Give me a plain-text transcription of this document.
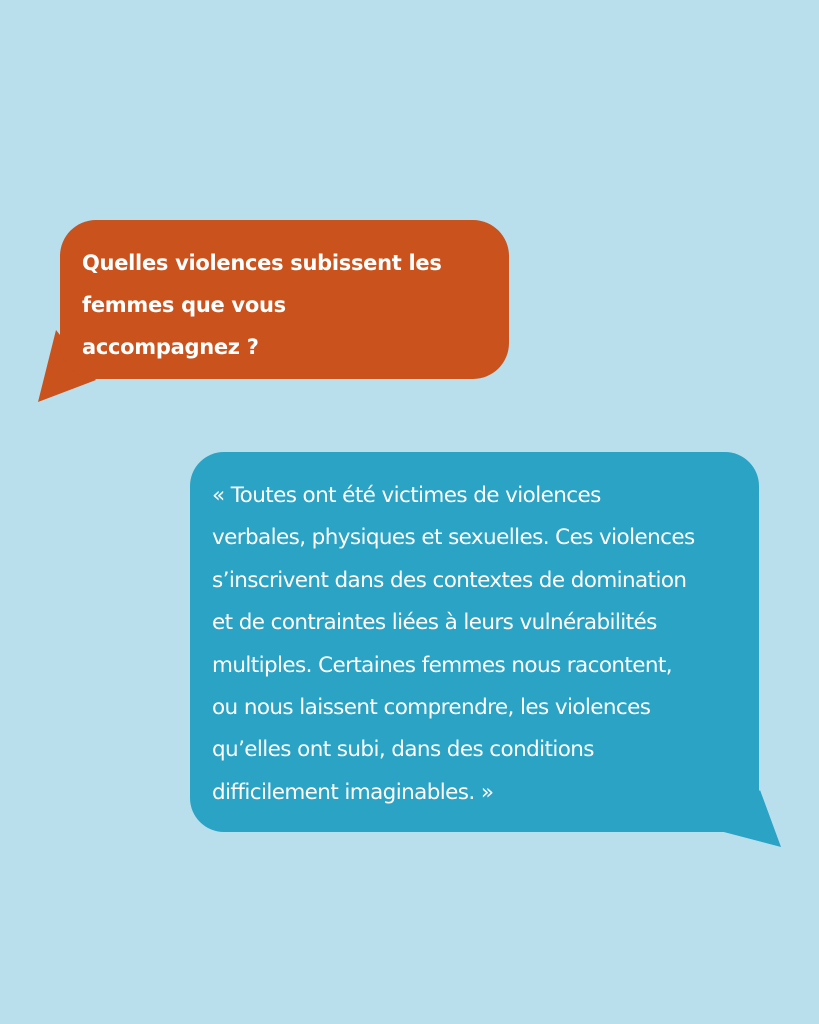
Quelles violences subissent les
femmes que vous
accompagnez ?

« Toutes ont été victimes de violences
verbales, physiques et sexuelles. Ces violences
s’inscrivent dans des contextes de domination
et de contraintes liées à leurs vulnérabilités
multiples. Certaines femmes nous racontent,
ou nous laissent comprendre, les violences
qu’elles ont subi, dans des conditions
difficilement imaginables. »
